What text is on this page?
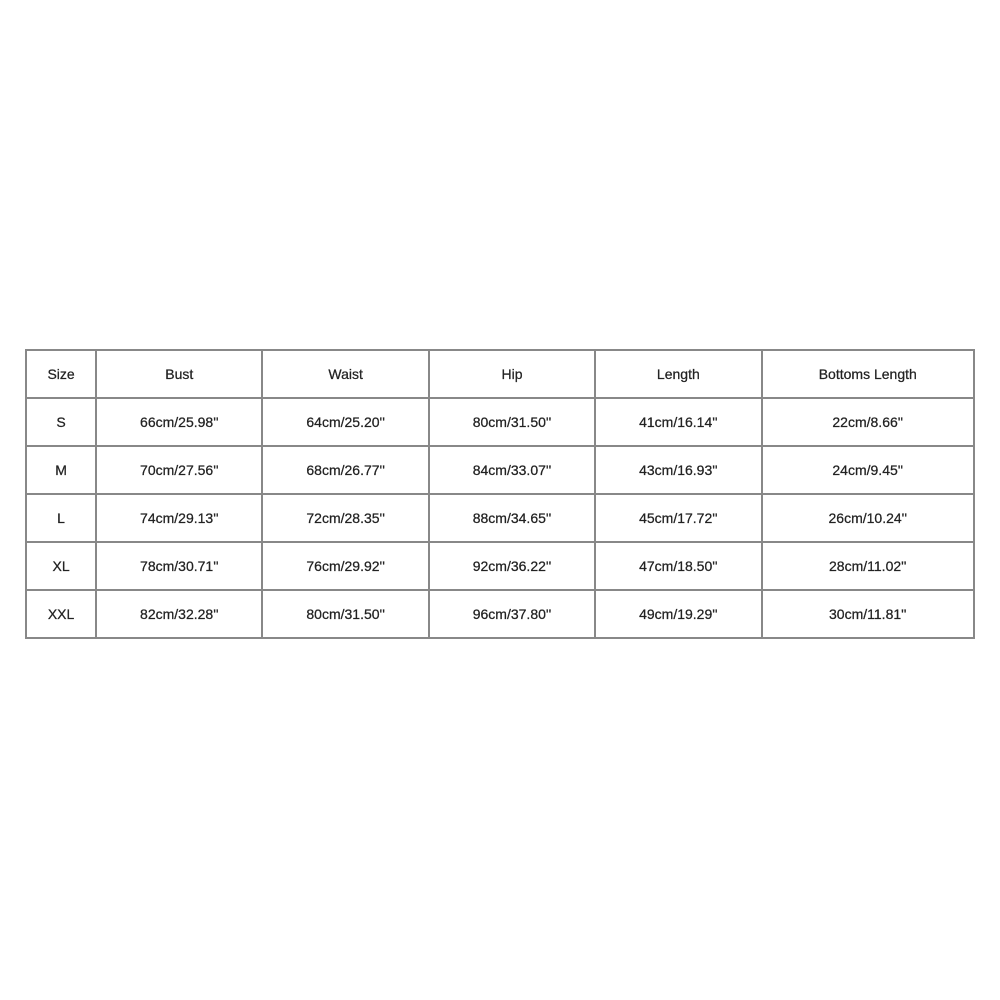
Size	Bust	Waist	Hip	Length	Bottoms Length
S	66cm/25.98''	64cm/25.20''	80cm/31.50''	41cm/16.14''	22cm/8.66''
M	70cm/27.56''	68cm/26.77''	84cm/33.07''	43cm/16.93''	24cm/9.45''
L	74cm/29.13''	72cm/28.35''	88cm/34.65''	45cm/17.72''	26cm/10.24''
XL	78cm/30.71''	76cm/29.92''	92cm/36.22''	47cm/18.50''	28cm/11.02''
XXL	82cm/32.28''	80cm/31.50''	96cm/37.80''	49cm/19.29''	30cm/11.81''
